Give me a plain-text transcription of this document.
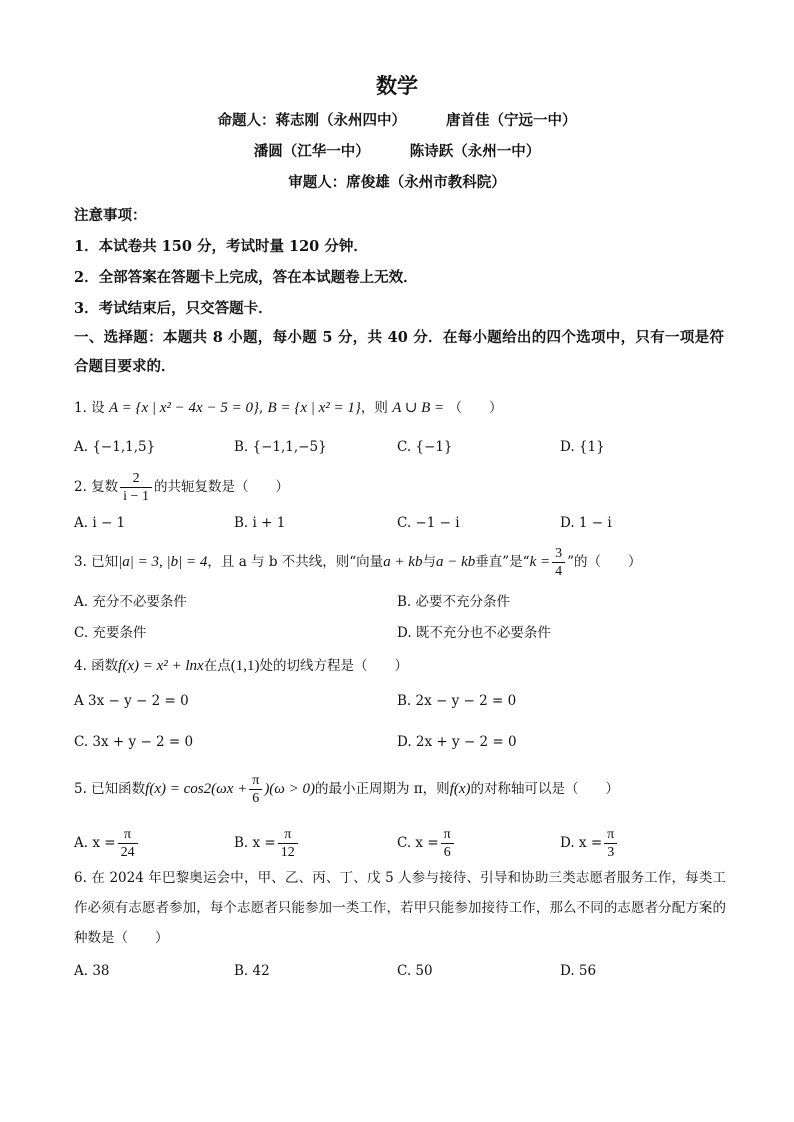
数学
命题人：蒋志刚（永州四中）	唐首佳（宁远一中）
潘圆（江华一中）	陈诗跃（永州一中）
审题人：席俊雄（永州市教科院）
注意事项：
1．本试卷共 150 分，考试时量 120 分钟．
2．全部答案在答题卡上完成，答在本试题卷上无效．
3．考试结束后，只交答题卡．
一、选择题：本题共 8 小题，每小题 5 分，共 40 分．在每小题给出的四个选项中，只有一项是符合题目要求的．
1. 设 A = {x | x² − 4x − 5 = 0}, B = {x | x² = 1}，则 A ∪ B = （　　）
A. {−1,1,5}	B. {−1,1,−5}	C. {−1}	D. {1}
2. 复数 $\frac{2}{i - 1}$ 的共轭复数是（　　）
A. i − 1	B. i + 1	C. −1 − i	D. 1 − i
3. 已知|a| = 3, |b| = 4，且 a 与 b 不共线，则“向量a + kb与a − kb垂直”是“$k = \frac{3}{4}$ ”的（　　）
A. 充分不必要条件	B. 必要不充分条件
C. 充要条件	D. 既不充分也不必要条件
4. 函数f(x) = x² + lnx在点(1,1)处的切线方程是（　　）
A 3x − y − 2 = 0	B. 2x − y − 2 = 0
C. 3x + y − 2 = 0	D. 2x + y − 2 = 0
5. 已知函数$f(x) = \cos 2(\omega x + \frac{\pi}{6} )(\omega > 0)$的最小正周期为 π，则f(x)的对称轴可以是（　　）
A. $x = \frac{\pi}{24}$	B. $x = \frac{\pi}{12}$	C. $x = \frac{\pi}{6}$	D. $x = \frac{\pi}{3}$
6. 在 2024 年巴黎奥运会中，甲、乙、丙、丁、戊 5 人参与接待、引导和协助三类志愿者服务工作，每类工作必须有志愿者参加，每个志愿者只能参加一类工作，若甲只能参加接待工作，那么不同的志愿者分配方案的种数是（　　）
A. 38	B. 42	C. 50	D. 56
